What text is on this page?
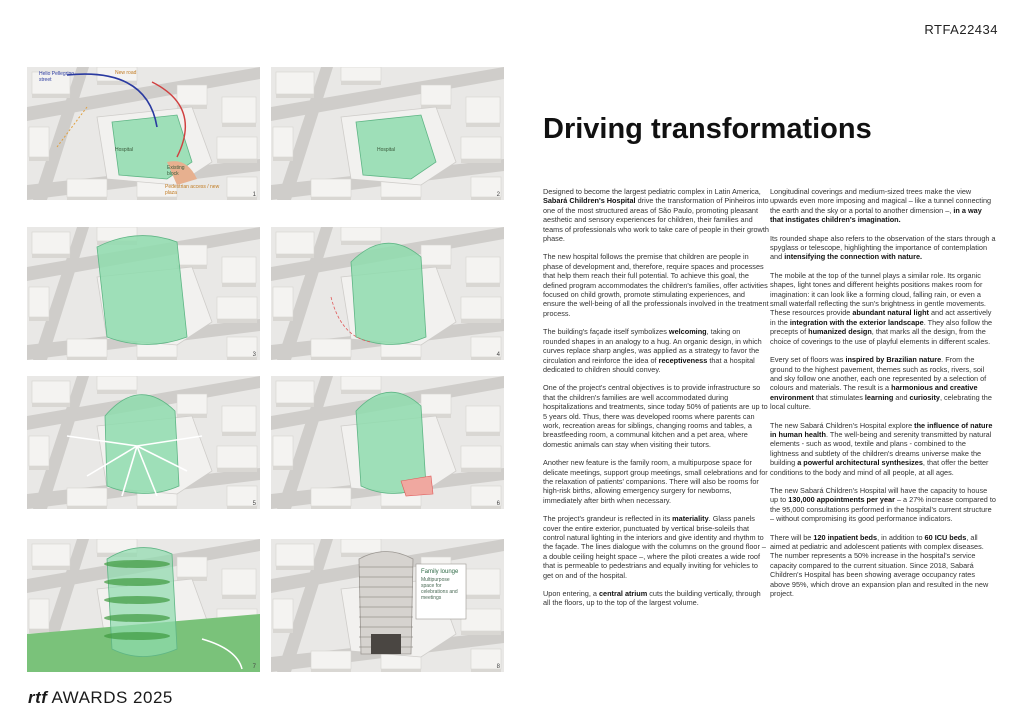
RTFA22434
Helio Pellegrino street
New road
Hospital
Existing block
Pedestrian access / new plaza	1
Hospital
2
3	4
5	6
7
Family lounge
Multipurpose space for celebrations and meetings
8
Driving transformations

Designed to become the largest pediatric complex in Latin America, Sabará Children's Hospital drive the transformation of Pinheiros into one of the most structured areas of São Paulo, promoting pleasant aesthetic and sensory experiences for children, their families and teams of professionals who work to take care of people in their growth phase.

The new hospital follows the premise that children are people in phase of development and, therefore, require spaces and processes that help them reach their full potential. To achieve this goal, the defined program accommodates the children's families, offer activities focused on child growth, promote stimulating experiences, and ensure the well-being of all the professionals involved in the treatment process.

The building's façade itself symbolizes welcoming, taking on rounded shapes in an analogy to a hug. An organic design, in which curves replace sharp angles, was applied as a strategy to favor the circulation and reinforce the idea of receptiveness that a hospital dedicated to children should convey.

One of the project's central objectives is to provide infrastructure so that the children's families are well accommodated during hospitalizations and treatments, since today 50% of patients are up to 5 years old. Thus, there was developed rooms where parents can work, recreation areas for siblings, changing rooms and tables, a breastfeeding room, a communal kitchen and a pet area, where domestic animals can stay when visiting their tutors.

Another new feature is the family room, a multipurpose space for delicate meetings, support group meetings, small celebrations and for the relaxation of patients' companions. There will also be rooms for high-risk births, allowing emergency surgery for newborns, immediately after birth when necessary.

The project's grandeur is reflected in its materiality. Glass panels cover the entire exterior, punctuated by vertical brise-soleils that control natural lighting in the interiors and give identity and rhythm to the façade. The lines dialogue with the columns on the ground floor – a double ceiling height space –, where the piloti creates a wide roof that is permeable to pedestrians and equally inviting for vehicles to get on and of the hospital.

Upon entering, a central atrium cuts the building vertically, through all the floors, up to the top of the largest volume.

Longitudinal coverings and medium-sized trees make the view upwards even more imposing and magical – like a tunnel connecting the earth and the sky or a portal to another dimension –, in a way that instigates children's imagination.

Its rounded shape also refers to the observation of the stars through a spyglass or telescope, highlighting the importance of contemplation and intensifying the connection with nature.

The mobile at the top of the tunnel plays a similar role. Its organic shapes, light tones and different heights positions makes room for imagination: it can look like a forming cloud, falling rain, or even a small waterfall reflecting the sun's brightness in gentle movements. These resources provide abundant natural light and act assertively in the integration with the exterior landscape. They also follow the precepts of humanized design, that marks all the design, from the choice of coverings to the use of playful elements in different scales.

Every set of floors was inspired by Brazilian nature. From the ground to the highest pavement, themes such as rocks, rivers, soil and sky follow one another, each one represented by a selection of colours and materials. The result is a harmonious and creative environment that stimulates learning and curiosity, celebrating the local culture.

The new Sabará Children's Hospital explore the influence of nature in human health. The well-being and serenity transmitted by natural elements - such as wood, textile and plans - combined to the lightness and subtlety of the children's dreams universe make the building a powerful architectural synthesizes, that offer the better conditions to the body and mind of all people, at all ages.

The new Sabará Children's Hospital will have the capacity to house up to 130,000 appointments per year – a 27% increase compared to the 95,000 consultations performed in the hospital's current structure – without compromising its good performance indicators.

There will be 120 inpatient beds, in addition to 60 ICU beds, all aimed at pediatric and adolescent patients with complex diseases. The number represents a 50% increase in the hospital's service capacity compared to the current situation. Since 2018, Sabará Children's Hospital has been showing average occupancy rates above 95%, which drove an expansion plan and resulted in the new project.

rtf AWARDS 2025
